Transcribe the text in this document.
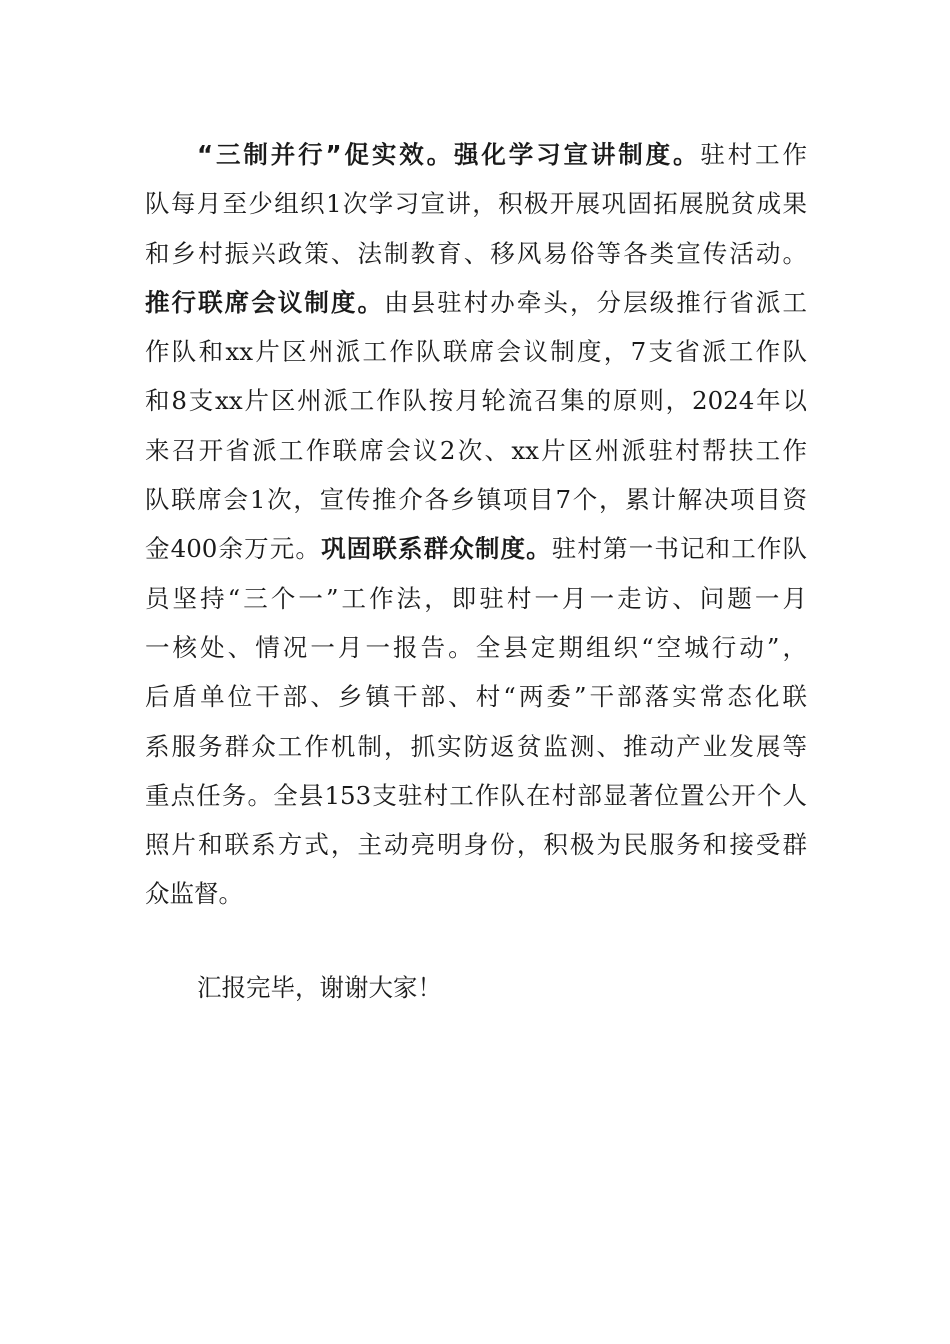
“三制并行”促实效。强化学习宣讲制度。驻村工作
队每月至少组织1次学习宣讲，积极开展巩固拓展脱贫成果
和乡村振兴政策、法制教育、移风易俗等各类宣传活动。
推行联席会议制度。由县驻村办牵头，分层级推行省派工
作队和xx片区州派工作队联席会议制度，7支省派工作队
和8支xx片区州派工作队按月轮流召集的原则，2024年以
来召开省派工作联席会议2次、xx片区州派驻村帮扶工作
队联席会1次，宣传推介各乡镇项目7个，累计解决项目资
金400余万元。巩固联系群众制度。驻村第一书记和工作队
员坚持“三个一”工作法，即驻村一月一走访、问题一月
一核处、情况一月一报告。全县定期组织“空城行动”，
后盾单位干部、乡镇干部、村“两委”干部落实常态化联
系服务群众工作机制，抓实防返贫监测、推动产业发展等
重点任务。全县153支驻村工作队在村部显著位置公开个人
照片和联系方式，主动亮明身份，积极为民服务和接受群
众监督。
汇报完毕，谢谢大家！
